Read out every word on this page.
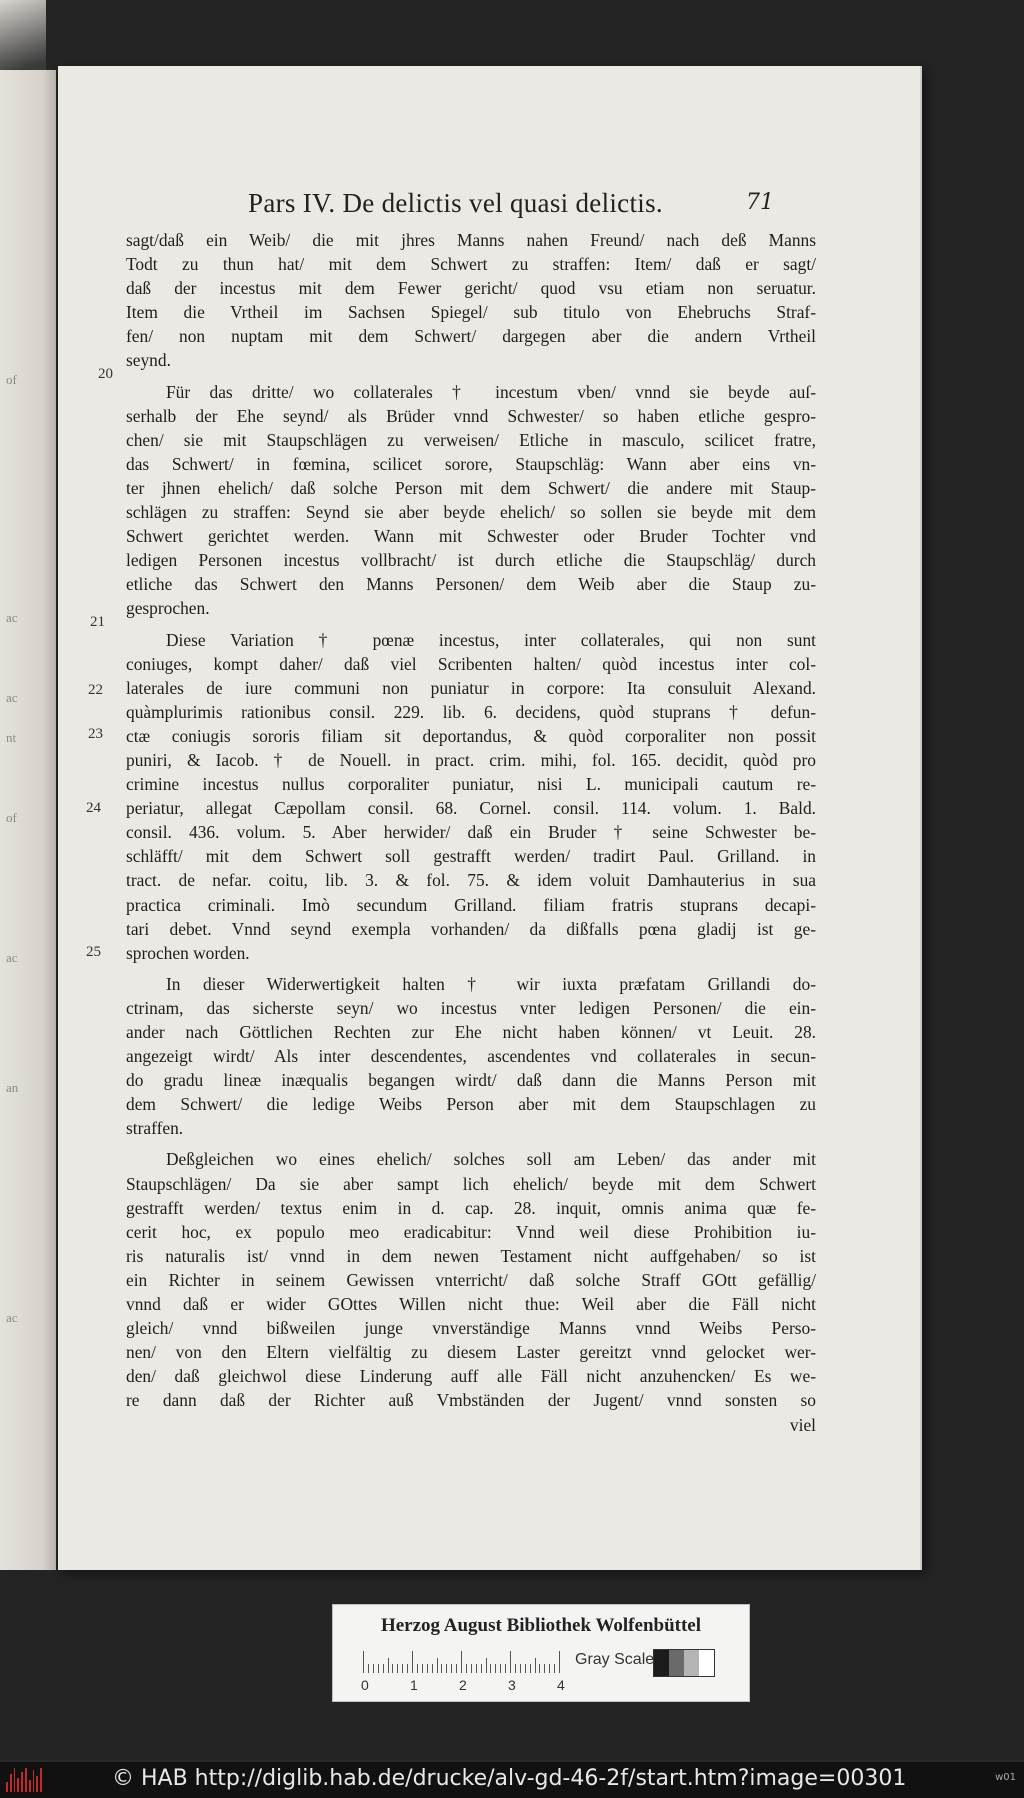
of
ac
ac
nt
of
ac
an
ac
Pars IV. De delictis vel quasi delictis.	71
20
21
22
23
24
25
sagt/daß ein Weib/ die mit jhres Manns nahen Freund/ nach deß Manns
Todt zu thun hat/ mit dem Schwert zu straffen: Item/ daß er sagt/
daß der incestus mit dem Fewer gericht/ quod vsu etiam non seruatur.
Item die Vrtheil im Sachsen Spiegel/ sub titulo von Ehebruchs Straf-
fen/ non nuptam mit dem Schwert/ dargegen aber die andern Vrtheil
seynd.
Für das dritte/ wo collaterales † incestum vben/ vnnd sie beyde auſ-
serhalb der Ehe seynd/ als Brüder vnnd Schwester/ so haben etliche gespro-
chen/ sie mit Staupschlägen zu verweisen/ Etliche in masculo, scilicet fratre,
das Schwert/ in fœmina, scilicet sorore, Staupschläg: Wann aber eins vn-
ter jhnen ehelich/ daß solche Person mit dem Schwert/ die andere mit Staup-
schlägen zu straffen: Seynd sie aber beyde ehelich/ so sollen sie beyde mit dem
Schwert gerichtet werden. Wann mit Schwester oder Bruder Tochter vnd
ledigen Personen incestus vollbracht/ ist durch etliche die Staupschläg/ durch
etliche das Schwert den Manns Personen/ dem Weib aber die Staup zu-
gesprochen.
Diese Variation † pœnæ incestus, inter collaterales, qui non sunt
coniuges, kompt daher/ daß viel Scribenten halten/ quòd incestus inter col-
laterales de iure communi non puniatur in corpore: Ita consuluit Alexand.
quàmplurimis rationibus consil. 229. lib. 6. decidens, quòd stuprans † defun-
ctæ coniugis sororis filiam sit deportandus, & quòd corporaliter non possit
puniri, & Iacob. † de Nouell. in pract. crim. mihi, fol. 165. decidit, quòd pro
crimine incestus nullus corporaliter puniatur, nisi L. municipali cautum re-
periatur, allegat Cæpollam consil. 68. Cornel. consil. 114. volum. 1. Bald.
consil. 436. volum. 5. Aber herwider/ daß ein Bruder † seine Schwester be-
schläfft/ mit dem Schwert soll gestrafft werden/ tradirt Paul. Grilland. in
tract. de nefar. coitu, lib. 3. & fol. 75. & idem voluit Damhauterius in sua
practica criminali. Imò secundum Grilland. filiam fratris stuprans decapi-
tari debet. Vnnd seynd exempla vorhanden/ da dißfalls pœna gladij ist ge-
sprochen worden.
In dieser Widerwertigkeit halten † wir iuxta præfatam Grillandi do-
ctrinam, das sicherste seyn/ wo incestus vnter ledigen Personen/ die ein-
ander nach Göttlichen Rechten zur Ehe nicht haben können/ vt Leuit. 28.
angezeigt wirdt/ Als inter descendentes, ascendentes vnd collaterales in secun-
do gradu lineæ inæqualis begangen wirdt/ daß dann die Manns Person mit
dem Schwert/ die ledige Weibs Person aber mit dem Staupschlagen zu
straffen.
Deßgleichen wo eines ehelich/ solches soll am Leben/ das ander mit
Staupschlägen/ Da sie aber sampt lich ehelich/ beyde mit dem Schwert
gestrafft werden/ textus enim in d. cap. 28. inquit, omnis anima quæ fe-
cerit hoc, ex populo meo eradicabitur: Vnnd weil diese Prohibition iu-
ris naturalis ist/ vnnd in dem newen Testament nicht auffgehaben/ so ist
ein Richter in seinem Gewissen vnterricht/ daß solche Straff GOtt gefällig/
vnnd daß er wider GOttes Willen nicht thue: Weil aber die Fäll nicht
gleich/ vnnd bißweilen junge vnverständige Manns vnnd Weibs Perso-
nen/ von den Eltern vielfältig zu diesem Laster gereitzt vnnd gelocket wer-
den/ daß gleichwol diese Linderung auff alle Fäll nicht anzuhencken/ Es we-
re dann daß der Richter auß Vmbständen der Jugent/ vnnd sonsten so
viel
Herzog August Bibliothek Wolfenbüttel
0	1	2	3	4
Gray Scale
© HAB http://diglib.hab.de/drucke/alv-gd-46-2f/start.htm?image=00301	w01
